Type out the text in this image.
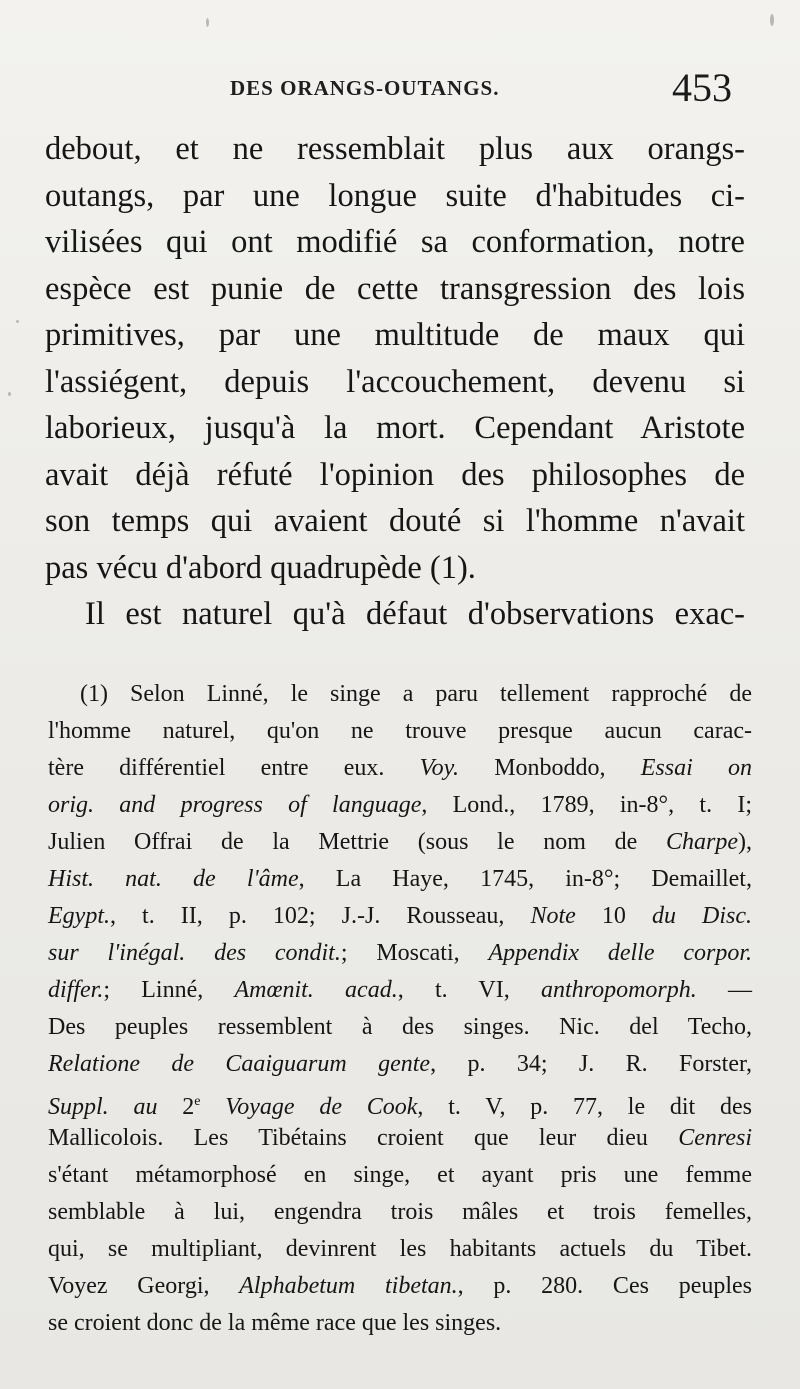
DES ORANGS-OUTANGS.	453
debout, et ne ressemblait plus aux orangs-
outangs, par une longue suite d'habitudes ci-
vilisées qui ont modifié sa conformation, notre
espèce est punie de cette transgression des lois
primitives, par une multitude de maux qui
l'assiégent, depuis l'accouchement, devenu si
laborieux, jusqu'à la mort. Cependant Aristote
avait déjà réfuté l'opinion des philosophes de
son temps qui avaient douté si l'homme n'avait
pas vécu d'abord quadrupède (1).
Il est naturel qu'à défaut d'observations exac-
(1) Selon Linné, le singe a paru tellement rapproché de
l'homme naturel, qu'on ne trouve presque aucun carac-
tère différentiel entre eux. Voy. Monboddo, Essai on
orig. and progress of language, Lond., 1789, in-8°, t. I;
Julien Offrai de la Mettrie (sous le nom de Charpe),
Hist. nat. de l'âme, La Haye, 1745, in-8°; Demaillet,
Egypt., t. II, p. 102; J.-J. Rousseau, Note 10 du Disc.
sur l'inégal. des condit.; Moscati, Appendix delle corpor.
differ.; Linné, Amœnit. acad., t. VI, anthropomorph. —
Des peuples ressemblent à des singes. Nic. del Techo,
Relatione de Caaiguarum gente, p. 34; J. R. Forster,
Suppl. au 2e Voyage de Cook, t. V, p. 77, le dit des
Mallicolois. Les Tibétains croient que leur dieu Cenresi
s'étant métamorphosé en singe, et ayant pris une femme
semblable à lui, engendra trois mâles et trois femelles,
qui, se multipliant, devinrent les habitants actuels du Tibet.
Voyez Georgi, Alphabetum tibetan., p. 280. Ces peuples
se croient donc de la même race que les singes.
